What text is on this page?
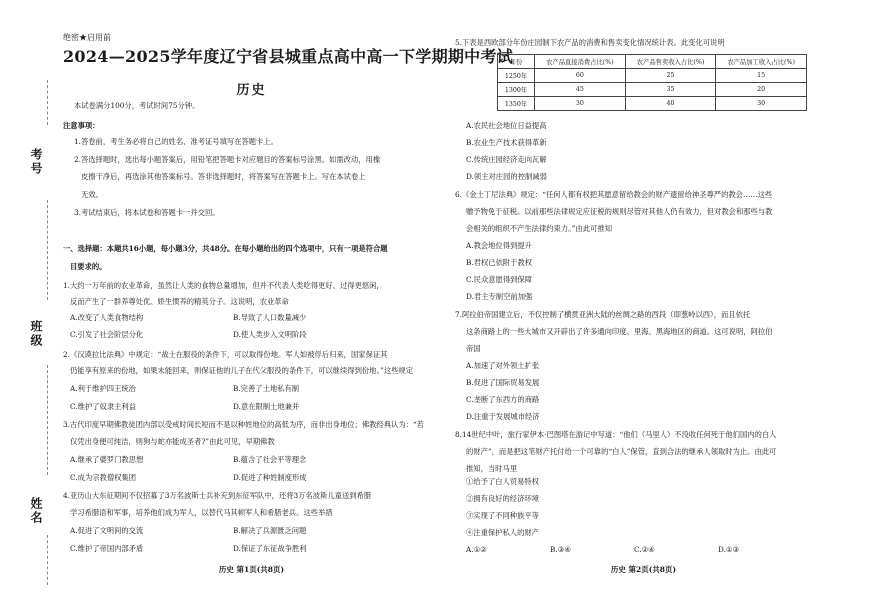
考号
班级
姓名
绝密★启用前
2024—2025学年度辽宁省县城重点高中高一下学期期中考试
历史
本试卷满分100分，考试时间75分钟。
注意事项：
1.答卷前，考生务必将自己的姓名、准考证号填写在答题卡上。
2.答选择题时，选出每小题答案后，用铅笔把答题卡对应题目的答案标号涂黑。如需改动，用橡
皮擦干净后，再选涂其他答案标号。答非选择题时，将答案写在答题卡上。写在本试卷上
无效。
3.考试结束后，将本试卷和答题卡一并交回。
一、选择题：本题共16小题，每小题3分，共48分。在每小题给出的四个选项中，只有一项是符合题
目要求的。
1.大约一万年前的农业革命，虽然让人类的食物总量增加，但并不代表人类吃得更好、过得更悠闲，
反而产生了一群养尊处优、娇生惯养的精英分子。这说明，农业革命
A.改变了人类食物结构	B.导致了人口数量减少
C.引发了社会阶层分化	D.使人类步入文明阶段
2.《汉谟拉比法典》中规定：“战士在服役的条件下，可以取得份地。军人如被俘后归来，国家保证其
仍能享有原来的份地，如果未能回来，则保证他的儿子在代父服役的条件下，可以继续得到份地。”这些规定
A.利于维护四王统治	B.完善了土地私有制
C.维护了奴隶主利益	D.意在限制土地兼并
3.古代印度早期佛教徒团内部以受戒时间长短而不是以种姓地位的高低为序，而非出身地位；佛教经典认为：“若
仅凭出身便可纯洁，则狗与蛇亦能成圣者?”由此可见，早期佛教
A.继承了婆罗门教思想	B.蕴含了社会平等理念
C.成为宗教僧权集团	D.促进了种姓制度形成
4.亚历山大东征期间不仅招募了3万名波斯士兵补充到东征军队中，还将3万名波斯儿童送到希腊
学习希腊语和军事，培养他们成为军人，以替代马其顿军人和希腊老兵。这些举措
A.促进了文明间的交流	B.解决了兵源匮乏问题
C.维护了帝国内部矛盾	D.保证了东征战争胜利
历史 第1页(共8页)
5.下表是西欧部分年份庄园制下农产品的消费和售卖变化情况统计表。此变化可说明
年份	农产品直接消费占比(%)	农产品售卖收入占比(%)	农产品加工收入占比(%)
1250年	60	25	15
1300年	45	35	20
1350年	30	40	30
A.农民社会地位日益提高
B.农业生产技术获得革新
C.传统庄园经济走向瓦解
D.领主对庄园的控制减弱
6.《金士丁尼法典》规定：“任何人都有权把其愿意留给教会的财产遗留给神圣尊严的教会……这些
赠予物免于征税。以前那些法律规定应征税的规则尽管对其他人仍有效力，但对教会和那些与教
会相关的组织不产生法律约束力。”由此可推知
A.教会地位得到提升
B.君权已依附于教权
C.民众意愿得到保障
D.君主专制空前加强
7.阿拉伯帝国建立后，不仅控制了横贯亚洲大陆的丝绸之路的西段（即葱岭以西），而且依托
这条商路上的一些大城市又开辟出了许多通向印度、里海、黑海地区的商道。这可说明，阿拉伯
帝国
A.加速了对外领土扩张
B.促进了国际贸易发展
C.垄断了东西方的商路
D.注重于发展城市经济
8.14世纪中叶，旅行家伊本·巴图塔在游记中写道：“他们（马里人）不没收任何死于他们国内的白人
的财产”，而是把这笔财产托付给一个可靠的“白人”保管，直到合法的继承人领取时为止。由此可
推知，当时马里
①给予了白人贸易特权
②拥有良好的经济环境
③实现了不同种族平等
④注重保护私人的财产
A.①②	B.③④	C.②④	D.①③
历史 第2页(共8页)
